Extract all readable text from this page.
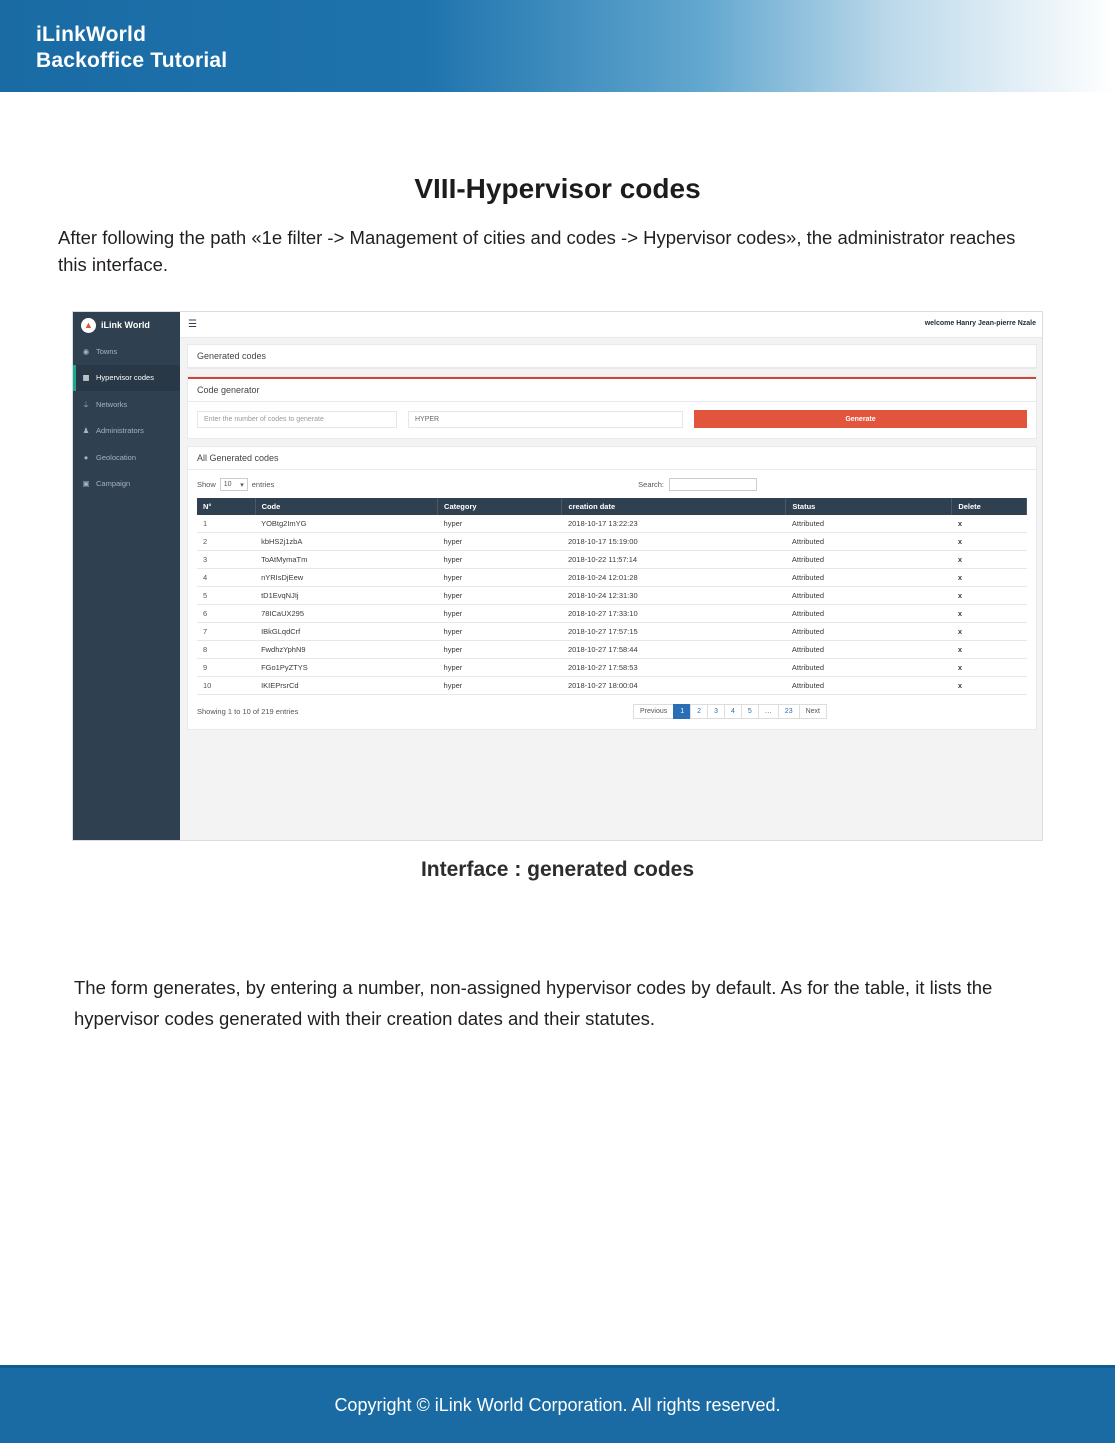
iLinkWorld
Backoffice Tutorial
VIII-Hypervisor codes
After following the path «1e filter -> Management of cities and codes -> Hypervisor codes», the administrator reaches this interface.
▲ iLink World	☰	welcome Hanry Jean-pierre Nzale
◉ Towns
▦ Hypervisor codes
⏚ Networks
♟ Administrators
● Geolocation
▣ Campaign
Generated codes
Code generator
Enter the number of codes to generate	HYPER	Generate
All Generated codes
Show 10 ▾ entries	Search:
N°	Code	Category	creation date	Status	Delete
1	YOBtg2ImYG	hyper	2018-10-17 13:22:23	Attributed	x
2	kbHS2j1zbA	hyper	2018-10-17 15:19:00	Attributed	x
3	ToAtMymaTm	hyper	2018-10-22 11:57:14	Attributed	x
4	nYRIsDjEew	hyper	2018-10-24 12:01:28	Attributed	x
5	tD1EvqNJIj	hyper	2018-10-24 12:31:30	Attributed	x
6	78ICaUX295	hyper	2018-10-27 17:33:10	Attributed	x
7	IBkGLqdCrf	hyper	2018-10-27 17:57:15	Attributed	x
8	FwdhzYphN9	hyper	2018-10-27 17:58:44	Attributed	x
9	FGo1PyZTYS	hyper	2018-10-27 17:58:53	Attributed	x
10	IKIEPrsrCd	hyper	2018-10-27 18:00:04	Attributed	x
Showing 1 to 10 of 219 entries	Previous	1	2	3	4	5	…	23	Next
Interface : generated codes
The form generates, by entering a number, non-assigned hypervisor codes by default. As for the table, it lists the hypervisor codes generated with their creation dates and their statutes.
Copyright © iLink World Corporation. All rights reserved.
